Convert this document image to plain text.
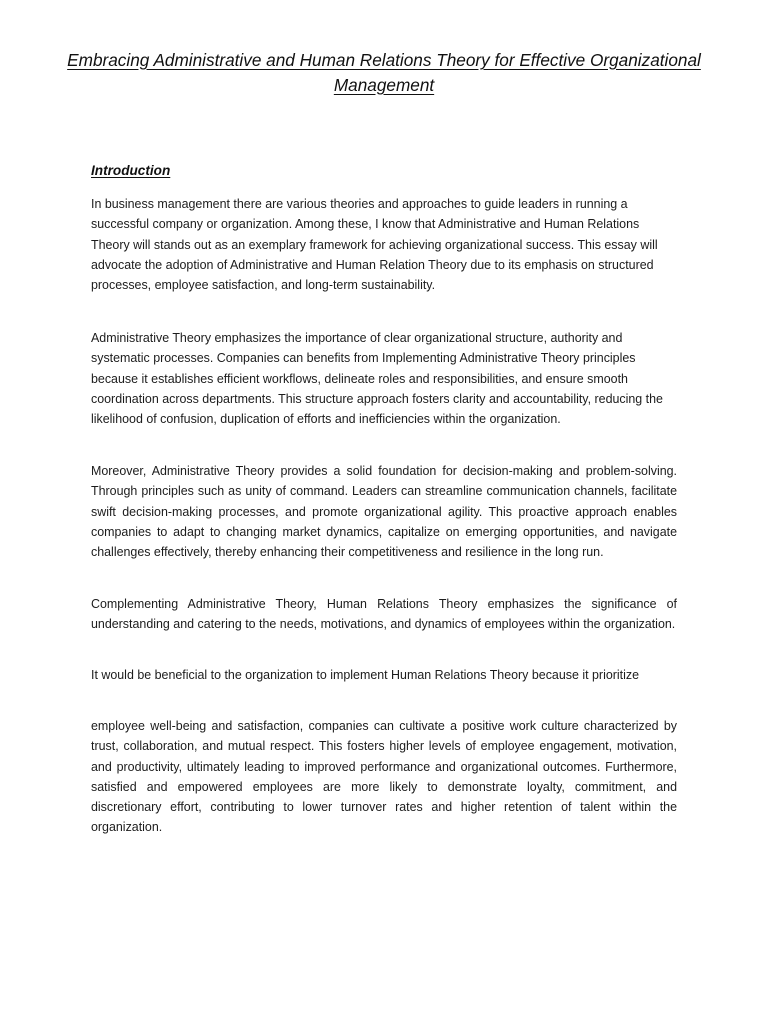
Embracing Administrative and Human Relations Theory for Effective Organizational Management
Introduction

In business management there are various theories and approaches to guide leaders in running a successful company or organization. Among these, I know that Administrative and Human Relations Theory will stands out as an exemplary framework for achieving organizational success. This essay will advocate the adoption of Administrative and Human Relation Theory due to its emphasis on structured processes, employee satisfaction, and long-term sustainability.

Administrative Theory emphasizes the importance of clear organizational structure, authority and systematic processes. Companies can benefits from Implementing Administrative Theory principles because it establishes efficient workflows, delineate roles and responsibilities, and ensure smooth coordination across departments. This structure approach fosters clarity and accountability, reducing the likelihood of confusion, duplication of efforts and inefficiencies within the organization.

Moreover, Administrative Theory provides a solid foundation for decision-making and problem-solving. Through principles such as unity of command. Leaders can streamline communication channels, facilitate swift decision-making processes, and promote organizational agility. This proactive approach enables companies to adapt to changing market dynamics, capitalize on emerging opportunities, and navigate challenges effectively, thereby enhancing their competitiveness and resilience in the long run.

Complementing Administrative Theory, Human Relations Theory emphasizes the significance of understanding and catering to the needs, motivations, and dynamics of employees within the organization.

It would be beneficial to the organization to implement Human Relations Theory because it prioritize

employee well-being and satisfaction, companies can cultivate a positive work culture characterized by trust, collaboration, and mutual respect. This fosters higher levels of employee engagement, motivation, and productivity, ultimately leading to improved performance and organizational outcomes. Furthermore, satisfied and empowered employees are more likely to demonstrate loyalty, commitment, and discretionary effort, contributing to lower turnover rates and higher retention of talent within the organization.
